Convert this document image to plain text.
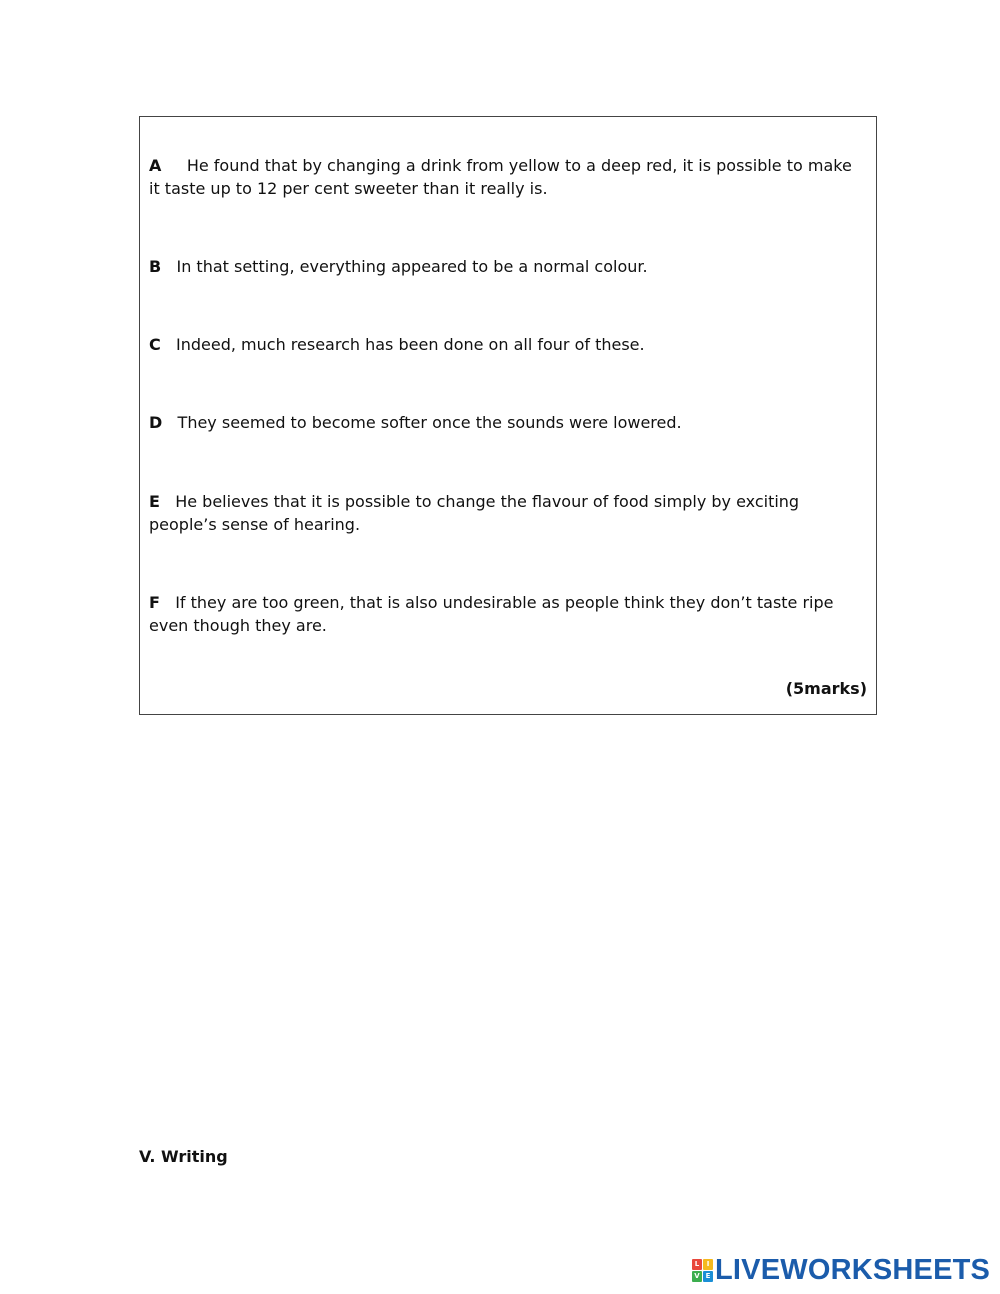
A He found that by changing a drink from yellow to a deep red, it is possible to make it taste up to 12 per cent sweeter than it really is.

B In that setting, everything appeared to be a normal colour.

C Indeed, much research has been done on all four of these.

D They seemed to become softer once the sounds were lowered.

E He believes that it is possible to change the flavour of food simply by exciting people’s sense of hearing.

F If they are too green, that is also undesirable as people think they don’t taste ripe even though they are.

(5marks)
V. Writing
L	I
V E LIVEWORKSHEETS
